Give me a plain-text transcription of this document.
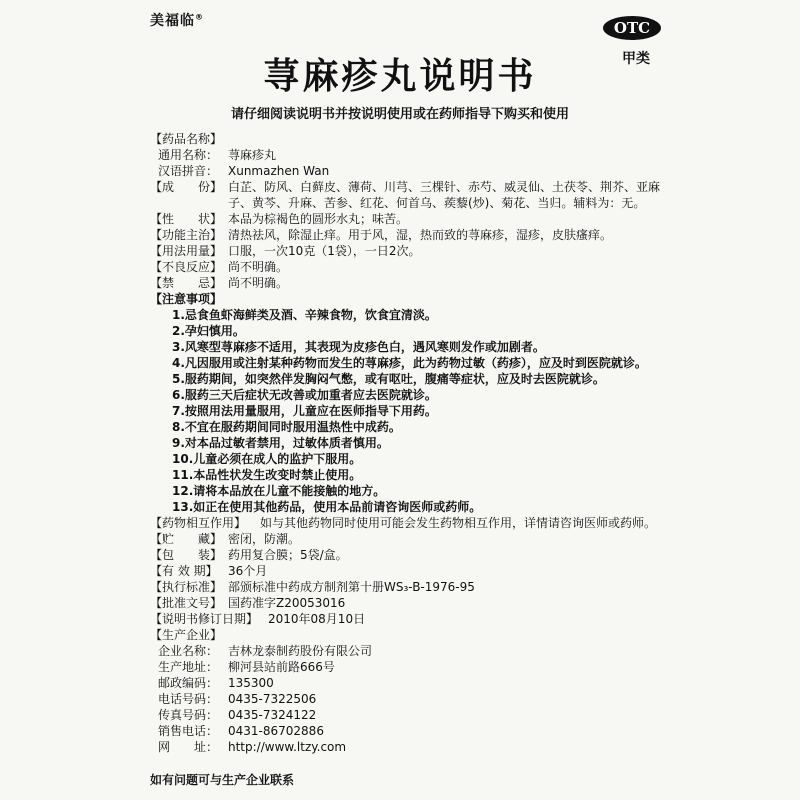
美福临®
OTC
甲类
荨麻疹丸说明书
请仔细阅读说明书并按说明使用或在药师指导下购买和使用
【药品名称】
通用名称： 荨麻疹丸
汉语拼音： Xunmazhen Wan
【成　　份】 白芷、防风、白藓皮、薄荷、川芎、三棵针、赤芍、威灵仙、土茯苓、荆芥、亚麻子、黄芩、升麻、苦参、红花、何首乌、蒺藜(炒)、菊花、当归。辅料为：无。
【性　　状】 本品为棕褐色的圆形水丸；味苦。
【功能主治】 清热祛风，除湿止痒。用于风，湿，热而致的荨麻疹，湿疹，皮肤瘙痒。
【用法用量】 口服，一次10克（1袋），一日2次。
【不良反应】 尚不明确。
【禁　　忌】 尚不明确。
【注意事项】
1.忌食鱼虾海鲜类及酒、辛辣食物，饮食宜清淡。
2.孕妇慎用。
3.风寒型荨麻疹不适用，其表现为皮疹色白，遇风寒则发作或加剧者。
4.凡因服用或注射某种药物而发生的荨麻疹，此为药物过敏（药疹），应及时到医院就诊。
5.服药期间，如突然伴发胸闷气憋，或有呕吐，腹痛等症状，应及时去医院就诊。
6.服药三天后症状无改善或加重者应去医院就诊。
7.按照用法用量服用，儿童应在医师指导下用药。
8.不宜在服药期间同时服用温热性中成药。
9.对本品过敏者禁用，过敏体质者慎用。
10.儿童必须在成人的监护下服用。
11.本品性状发生改变时禁止使用。
12.请将本品放在儿童不能接触的地方。
13.如正在使用其他药品，使用本品前请咨询医师或药师。
【药物相互作用】	如与其他药物同时使用可能会发生药物相互作用，详情请咨询医师或药师。
【贮　　藏】 密闭，防潮。
【包　　装】 药用复合膜；5袋/盒。
【有 效 期】 36个月
【执行标准】 部颁标准中药成方制剂第十册WS₃-B-1976-95
【批准文号】 国药准字Z20053016
【说明书修订日期】 2010年08月10日
【生产企业】
企业名称： 吉林龙泰制药股份有限公司
生产地址： 柳河县站前路666号
邮政编码： 135300
电话号码： 0435-7322506
传真号码： 0435-7324122
销售电话： 0431-86702886
网　　址： http://www.ltzy.com
如有问题可与生产企业联系
